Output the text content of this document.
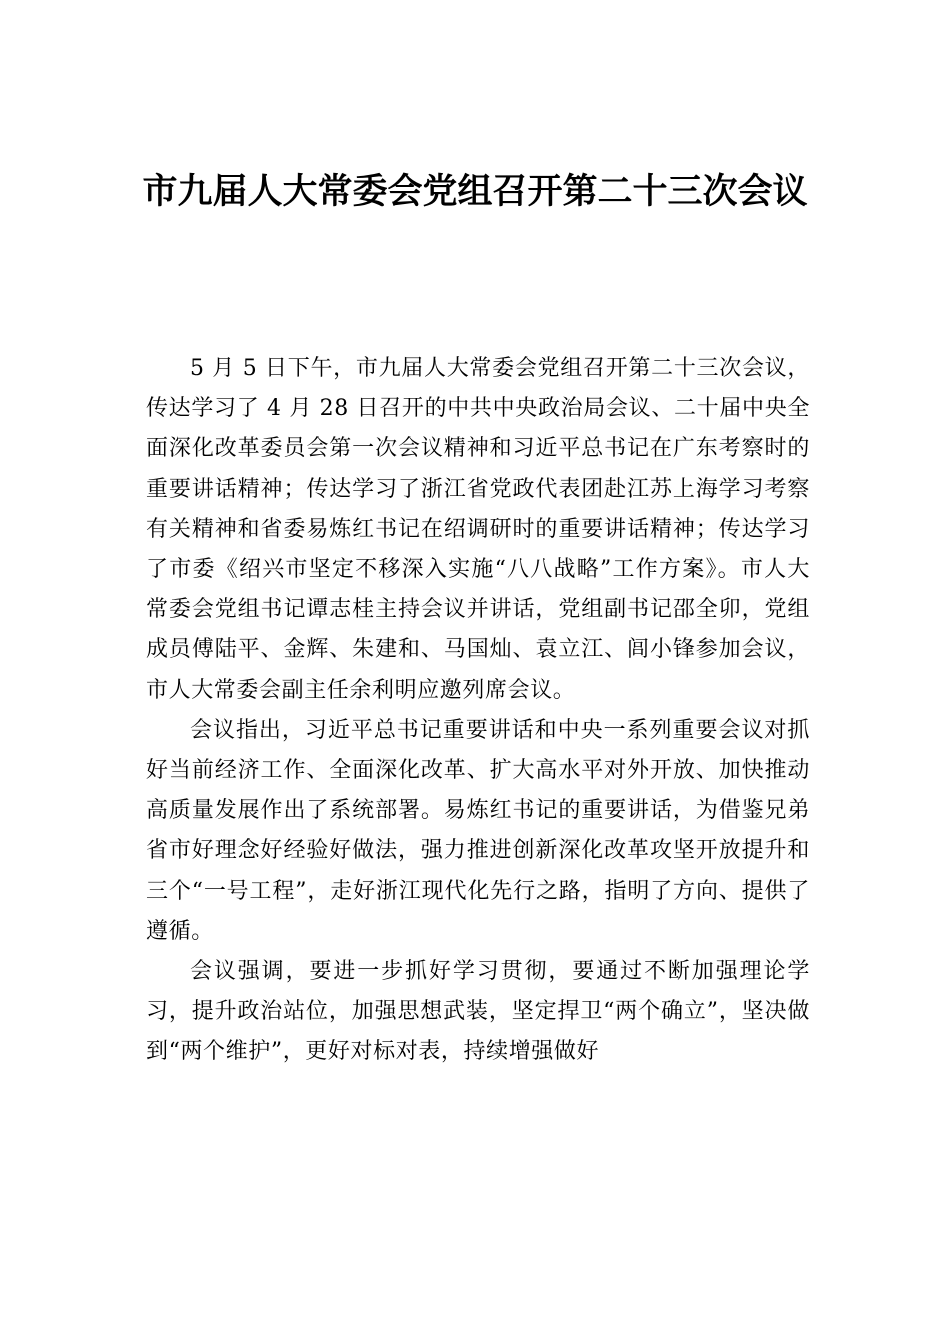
市九届人大常委会党组召开第二十三次会议

5 月 5 日下午，市九届人大常委会党组召开第二十三次会议，传达学习了 4 月 28 日召开的中共中央政治局会议、二十届中央全面深化改革委员会第一次会议精神和习近平总书记在广东考察时的重要讲话精神；传达学习了浙江省党政代表团赴江苏上海学习考察有关精神和省委易炼红书记在绍调研时的重要讲话精神；传达学习了市委《绍兴市坚定不移深入实施“八八战略”工作方案》。市人大常委会党组书记谭志桂主持会议并讲话，党组副书记邵全卯，党组成员傅陆平、金辉、朱建和、马国灿、袁立江、闾小锋参加会议， 市人大常委会副主任余利明应邀列席会议。

会议指出，习近平总书记重要讲话和中央一系列重要会议对抓好当前经济工作、全面深化改革、扩大高水平对外开放、加快推动高质量发展作出了系统部署。易炼红书记的重要讲话，为借鉴兄弟省市好理念好经验好做法，强力推进创新深化改革攻坚开放提升和三个“一号工程”，走好浙江现代化先行之路，指明了方向、提供了遵循。

会议强调，要进一步抓好学习贯彻，要通过不断加强理论学习，提升政治站位，加强思想武装，坚定捍卫“两个确立”，坚决做到“两个维护”，更好对标对表，持续增强做好
